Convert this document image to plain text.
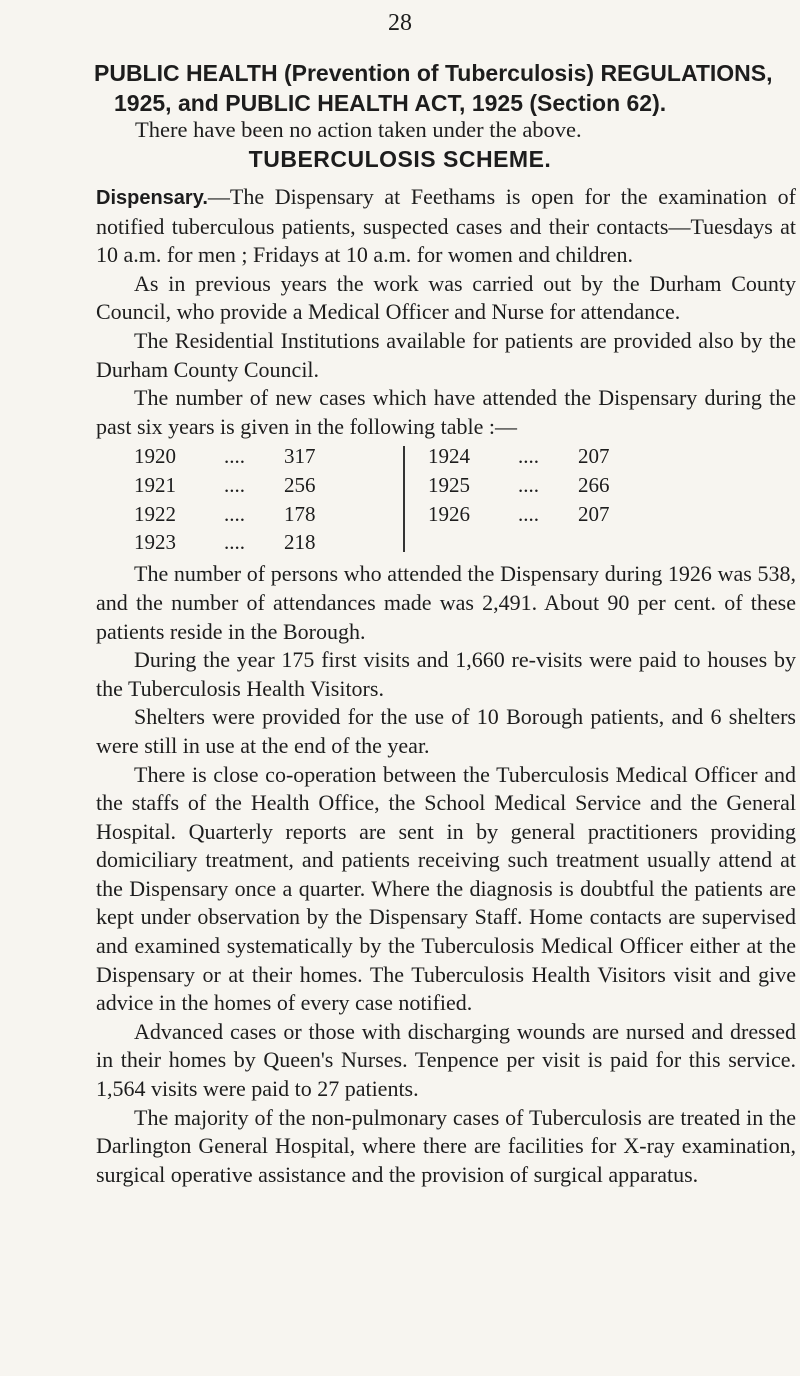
28
PUBLIC HEALTH (Prevention of Tuberculosis) REGULATIONS,
1925, and PUBLIC HEALTH ACT, 1925 (Section 62).
There have been no action taken under the above.
TUBERCULOSIS SCHEME.

Dispensary.—The Dispensary at Feethams is open for the examination of notified tuberculous patients, suspected cases and their contacts—Tuesdays at 10 a.m. for men ; Fridays at 10 a.m. for women and children.

As in previous years the work was carried out by the Durham County Council, who provide a Medical Officer and Nurse for attendance.

The Residential Institutions available for patients are provided also by the Durham County Council.

The number of new cases which have attended the Dispensary during the past six years is given in the following table :—

1920 .... 317
1921 .... 256
1922 .... 178
1923 .... 218
1924 .... 207
1925 .... 266
1926 .... 207

The number of persons who attended the Dispensary during 1926 was 538, and the number of attendances made was 2,491. About 90 per cent. of these patients reside in the Borough.

During the year 175 first visits and 1,660 re-visits were paid to houses by the Tuberculosis Health Visitors.

Shelters were provided for the use of 10 Borough patients, and 6 shelters were still in use at the end of the year.

There is close co-operation between the Tuberculosis Medical Officer and the staffs of the Health Office, the School Medical Service and the General Hospital. Quarterly reports are sent in by general practitioners providing domiciliary treatment, and patients receiving such treatment usually attend at the Dispensary once a quarter. Where the diagnosis is doubtful the patients are kept under observation by the Dispensary Staff. Home contacts are supervised and examined systematically by the Tuberculosis Medical Officer either at the Dispensary or at their homes. The Tuberculosis Health Visitors visit and give advice in the homes of every case notified.

Advanced cases or those with discharging wounds are nursed and dressed in their homes by Queen's Nurses. Tenpence per visit is paid for this service. 1,564 visits were paid to 27 patients.

The majority of the non-pulmonary cases of Tuberculosis are treated in the Darlington General Hospital, where there are facilities for X-ray examination, surgical operative assistance and the provision of surgical apparatus.
